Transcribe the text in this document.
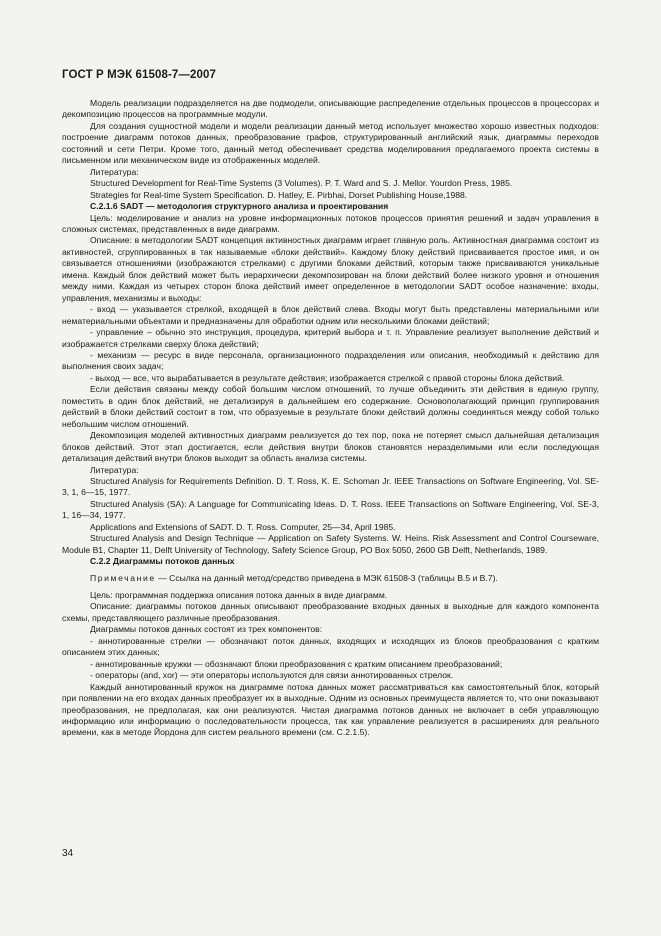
ГОСТ Р МЭК 61508-7—2007

Модель реализации подразделяется на две подмодели, описывающие распределение отдельных процессов в процессорах и декомпозицию процессов на программные модули.

Для создания сущностной модели и модели реализации данный метод использует множество хорошо известных подходов: построение диаграмм потоков данных, преобразование графов, структурированный английский язык, диаграммы переходов состояний и сети Петри. Кроме того, данный метод обеспечивает средства моделирования предлагаемого проекта системы в письменном или механическом виде из отображенных моделей.

Литература:

Structured Development for Real-Time Systems (3 Volumes). P. T. Ward and S. J. Mellor. Yourdon Press, 1985.

Strategies for Real-time System Specification. D. Hatley, E. Pirbhai, Dorset Publishing House,1988.

C.2.1.6 SADT — методология структурного анализа и проектирования

Цель: моделирование и анализ на уровне информационных потоков процессов принятия решений и задач управления в сложных системах, представленных в виде диаграмм.

Описание: в методологии SADT концепция активностных диаграмм играет главную роль. Активностная диаграмма состоит из активностей, сгруппированных в так называемые «блоки действий». Каждому блоку действий присваивается простое имя, и он связывается отношениями (изображаются стрелками) с другими блоками действий, которым также присваиваются уникальные имена. Каждый блок действий может быть иерархически декомпозирован на блоки действий более низкого уровня и отношения между ними. Каждая из четырех сторон блока действий имеет определенное в методологии SADT особое назначение: входы, управления, механизмы и выходы:

- вход — указывается стрелкой, входящей в блок действий слева. Входы могут быть представлены материальными или нематериальными объектами и предназначены для обработки одним или несколькими блоками действий;

- управление – обычно это инструкция, процедура, критерий выбора и т. п. Управление реализует выполнение действий и изображается стрелками сверху блока действий;

- механизм — ресурс в виде персонала, организационного подразделения или описания, необходимый к действию для выполнения своих задач;

- выход — все, что вырабатывается в результате действия; изображается стрелкой с правой стороны блока действий.

Если действия связаны между собой большим числом отношений, то лучше объединить эти действия в единую группу, поместить в один блок действий, не детализируя в дальнейшем его содержание. Основополагающий принцип группирования действий в блоки действий состоит в том, что образуемые в результате блоки действий должны соединяться между собой только небольшим числом отношений.

Декомпозиция моделей активностных диаграмм реализуется до тех пор, пока не потеряет смысл дальнейшая детализация блоков действий. Этот этап достигается, если действия внутри блоков становятся неразделимыми или если последующая детализация действий внутри блоков выходит за область анализа системы.

Литература:

Structured Analysis for Requirements Definition. D. T. Ross, K. E. Schoman Jr. IEEE Transactions on Software Engineering, Vol. SE-3, 1, 6—15, 1977.

Structured Analysis (SA): A Language for Communicating Ideas. D. T. Ross. IEEE Transactions on Software Engineering, Vol. SE-3, 1, 16—34, 1977.

Applications and Extensions of SADT. D. T. Ross. Computer, 25—34, April 1985.

Structured Analysis and Design Technique — Application on Safety Systems. W. Heins. Risk Assessment and Control Courseware, Module B1, Chapter 11, Delft University of Technology, Safety Science Group, PO Box 5050, 2600 GB Delft, Netherlands, 1989.

C.2.2 Диаграммы потоков данных

Примечание — Ссылка на данный метод/средство приведена в МЭК 61508-3 (таблицы В.5 и В.7).

Цель: программная поддержка описания потока данных в виде диаграмм.

Описание: диаграммы потоков данных описывают преобразование входных данных в выходные для каждого компонента схемы, представляющего различные преобразования.

Диаграммы потоков данных состоят из трех компонентов:

- аннотированные стрелки — обозначают поток данных, входящих и исходящих из блоков преобразования с кратким описанием этих данных;

- аннотированные кружки — обозначают блоки преобразования с кратким описанием преобразований;

- операторы (and, xor) — эти операторы используются для связи аннотированных стрелок.

Каждый аннотированный кружок на диаграмме потока данных может рассматриваться как самостоятельный блок, который при появлении на его входах данных преобразует их в выходные. Одним из основных преимуществ является то, что они показывают преобразования, не предполагая, как они реализуются. Чистая диаграмма потоков данных не включает в себя управляющую информацию или информацию о последовательности процесса, так как управление реализуется в расширениях для реального времени, как в методе Йордона для систем реального времени (см. C.2.1.5).

34
